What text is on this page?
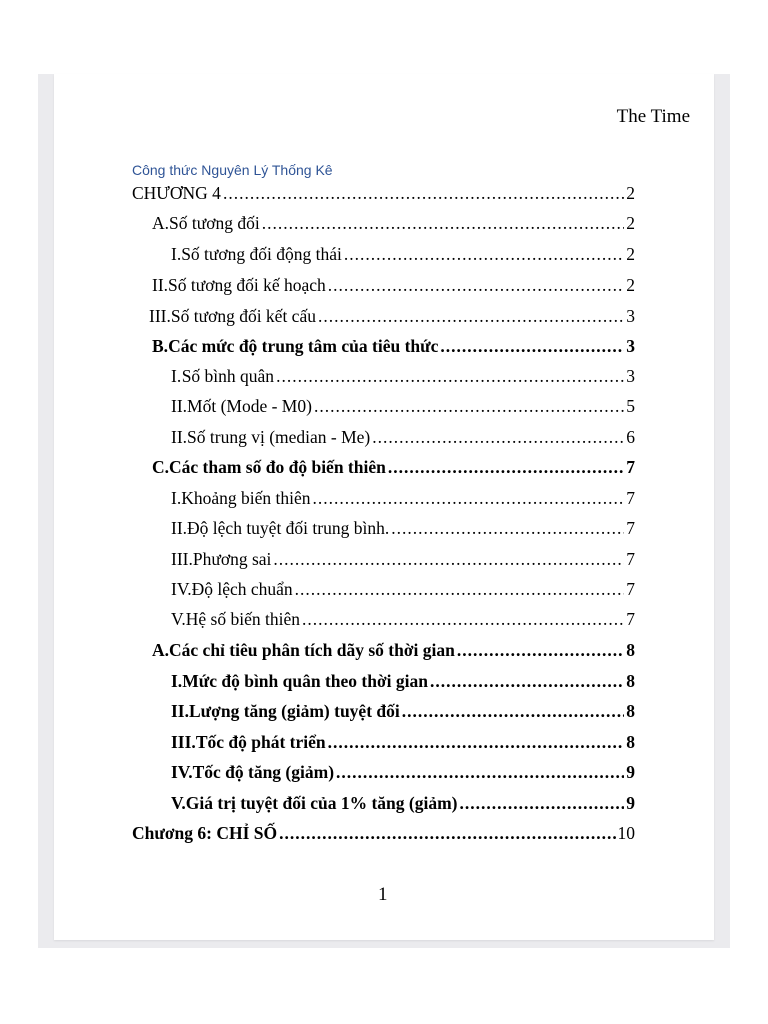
The Time
Công thức Nguyên Lý Thống Kê
CHƯƠNG 4 .....	2
A. Số tương đối .....	2
I. Số tương đối động thái .....	2
II. Số tương đối kế hoạch .....	2
III. Số tương đối kết cấu .....	3
B. Các mức độ trung tâm của tiêu thức .....	3
I. Số bình quân .....	3
II. Mốt (Mode - M0) .....	5
II. Số trung vị (median - Me) .....	6
C. Các tham số đo độ biến thiên .....	7
I. Khoảng biến thiên .....	7
II. Độ lệch tuyệt đối trung bình. .....	7
III. Phương sai .....	7
IV. Độ lệch chuẩn .....	7
V. Hệ số biến thiên .....	7
A. Các chỉ tiêu phân tích dãy số thời gian .....	8
I. Mức độ bình quân theo thời gian .....	8
II. Lượng tăng (giảm) tuyệt đối .....	8
III. Tốc độ phát triển .....	8
IV. Tốc độ tăng (giảm) .....	9
V. Giá trị tuyệt đối của 1% tăng (giảm) .....	9
Chương 6: CHỈ SỐ .....	10
1
